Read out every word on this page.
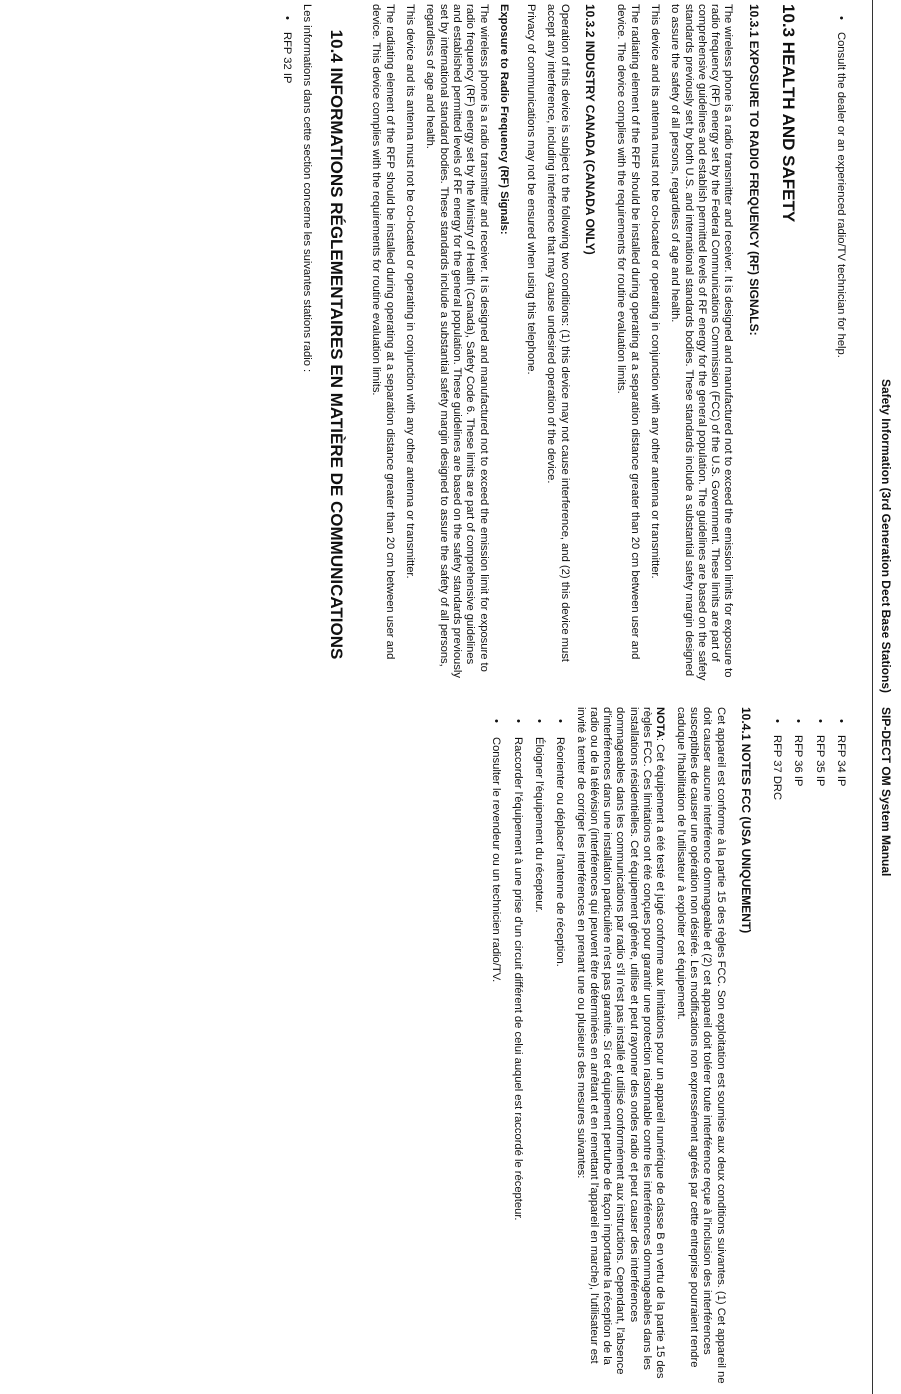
Safety Information (3rd Generation Dect Base Stations)
• Consult the dealer or an experienced radio/TV technician for help.
10.3 HEALTH AND SAFETY
10.3.1 EXPOSURE TO RADIO FREQUENCY (RF) SIGNALS:

The wireless phone is a radio transmitter and receiver. It is designed and manufactured not to exceed the emission limits for exposure to radio frequency (RF) energy set by the Federal Communications Commission (FCC) of the U.S. Government. These limits are part of comprehensive guidelines and establish permitted levels of RF energy for the general population. The guidelines are based on the safety standards previously set by both U.S. and international standards bodies. These standards include a substantial safety margin designed to assure the safety of all persons, regardless of age and health.

This device and its antenna must not be co-located or operating in conjunction with any other antenna or transmitter.

The radiating element of the RFP should be installed during operating at a separation distance greater than 20 cm between user and device. The device complies with the requirements for routine evaluation limits.

10.3.2 INDUSTRY CANADA (CANADA ONLY)

Operation of this device is subject to the following two conditions: (1) this device may not cause interference, and (2) this device must accept any interference, including interference that may cause undesired operation of the device.

Privacy of communications may not be ensured when using this telephone.

Exposure to Radio Frequency (RF) Signals:

The wireless phone is a radio transmitter and receiver. It is designed and manufactured not to exceed the emission limit for exposure to radio frequency (RF) energy set by the Ministry of Health (Canada), Safety Code 6. These limits are part of comprehensive guidelines and established permitted levels of RF energy for the general population. These guidelines are based on the safety standards previously set by international standard bodies. These standards include a substantial safety margin designed to assure the safety of all persons, regardless of age and health.

This device and its antenna must not be co-located or operating in conjunction with any other antenna or transmitter.

The radiating element of the RFP should be installed during operating at a separation distance greater than 20 cm between user and device. This device complies with the requirements for routine evaluation limits.

10.4 INFORMATIONS RÉGLEMENTAIRES EN MATIÈRE DE COMMUNICATIONS

Les informations dans cette section concerne les suivantes stations radio :

• RFP 32 IP
SIP-DECT OM System Manual
• RFP 34 IP
• RFP 35 IP
• RFP 36 IP
• RFP 37 DRC
10.4.1 NOTES FCC (USA UNIQUEMENT)

Cet appareil est conforme à la partie 15 des règles FCC. Son exploitation est soumise aux deux conditions suivantes. (1) Cet appareil ne doit causer aucune interférence dommageable et (2) cet appareil doit tolérer toute interférence reçue à l'inclusion des interférences susceptibles de causer une opération non désirée. Les modifications non expressément agréés par cette entreprise pourraient rendre caduque l'habilitation de l'utilisateur à exploiter cet équipement.

NOTA: Cet équipement a été testé et jugé conforme aux limitations pour un appareil numérique de classe B en vertu de la partie 15 des règles FCC. Ces limitations ont été conçues pour garantir une protection raisonnable contre les interférences dommageables dans les installations résidentielles. Cet équipement génère, utilise et peut rayonner des ondes radio et peut causer des interférences dommageables dans les communications par radio s'il n'est pas installé et utilisé conformément aux instructions. Cependant, l'absence d'interférences dans une installation particulière n'est pas garantie. Si cet équipement perturbe de façon importante la réception de la radio ou de la télévision (interférences qui peuvent être déterminées en arrêtant et en remettant l'appareil en marche), l'utilisateur est invité à tenter de corriger les interférences en prenant une ou plusieurs des mesures suivantes:

• Réorienter ou déplacer l'antenne de réception.
• Éloigner l'équipement du récepteur.
• Raccorder l'équipement à une prise d'un circuit différent de celui auquel est raccordé le récepteur.
• Consulter le revendeur ou un technicien radio/TV.
